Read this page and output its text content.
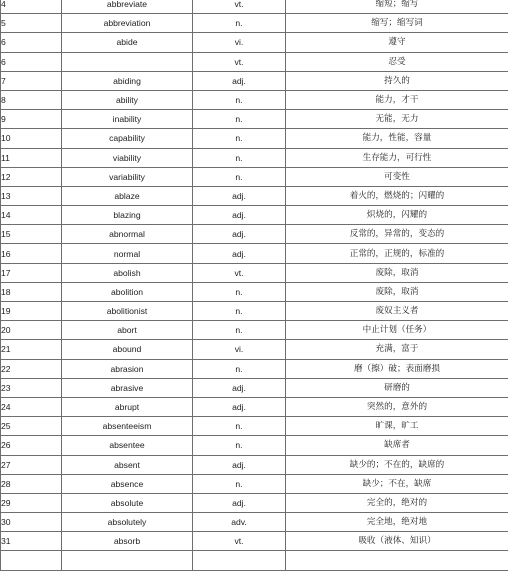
4	abbreviate	vt.	缩短；缩写
5	abbreviation	n.	缩写；缩写词
6	abide	vi.	遵守
6		vt.	忍受
7	abiding	adj.	持久的
8	ability	n.	能力，才干
9	inability	n.	无能，无力
10	capability	n.	能力，性能，容量
11	viability	n.	生存能力，可行性
12	variability	n.	可变性
13	ablaze	adj.	着火的，燃烧的；闪耀的
14	blazing	adj.	炽烧的，闪耀的
15	abnormal	adj.	反常的，异常的，变态的
16	normal	adj.	正常的，正规的，标准的
17	abolish	vt.	废除，取消
18	abolition	n.	废除，取消
19	abolitionist	n.	废奴主义者
20	abort	n.	中止计划（任务）
21	abound	vi.	充满，富于
22	abrasion	n.	磨（擦）破；表面磨损
23	abrasive	adj.	研磨的
24	abrupt	adj.	突然的，意外的
25	absenteeism	n.	旷课，旷工
26	absentee	n.	缺席者
27	absent	adj.	缺少的；不在的，缺席的
28	absence	n.	缺少；不在，缺席
29	absolute	adj.	完全的，绝对的
30	absolutely	adv.	完全地，绝对地
31	absorb	vt.	吸收（液体、知识）
